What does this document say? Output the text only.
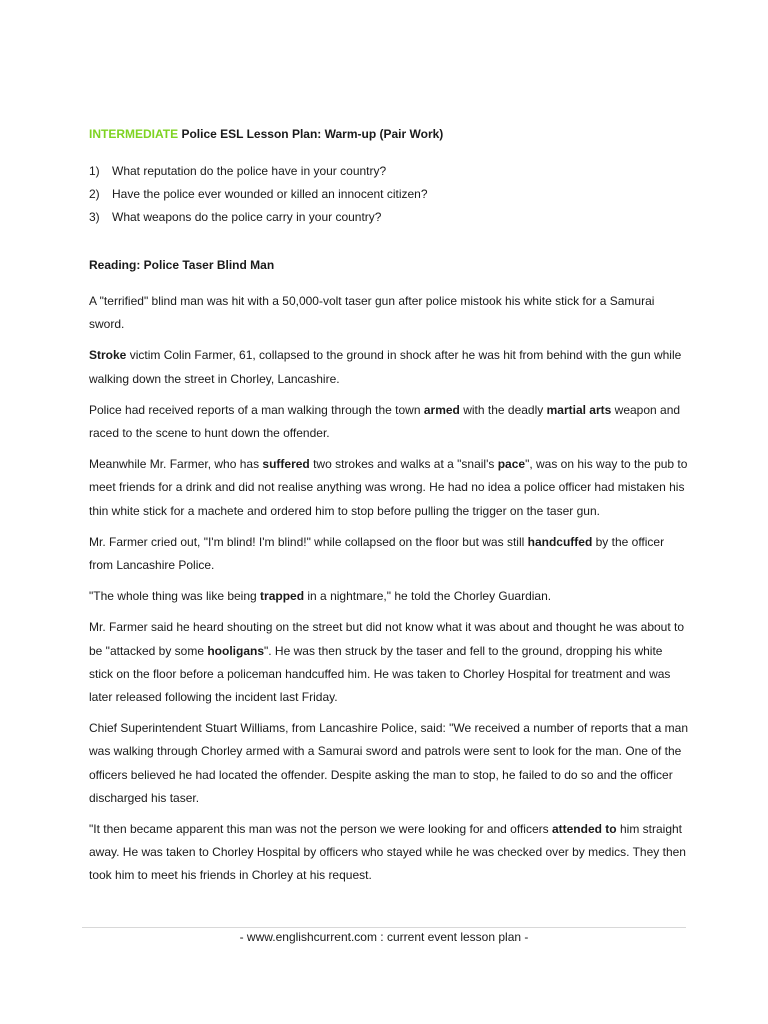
INTERMEDIATE Police ESL Lesson Plan: Warm-up (Pair Work)
1)	What reputation do the police have in your country?
2)	Have the police ever wounded or killed an innocent citizen?
3)	What weapons do the police carry in your country?
Reading: Police Taser Blind Man

A "terrified" blind man was hit with a 50,000-volt taser gun after police mistook his white stick for a Samurai sword.

Stroke victim Colin Farmer, 61, collapsed to the ground in shock after he was hit from behind with the gun while walking down the street in Chorley, Lancashire.

Police had received reports of a man walking through the town armed with the deadly martial arts weapon and raced to the scene to hunt down the offender.

Meanwhile Mr. Farmer, who has suffered two strokes and walks at a "snail's pace", was on his way to the pub to meet friends for a drink and did not realise anything was wrong. He had no idea a police officer had mistaken his thin white stick for a machete and ordered him to stop before pulling the trigger on the taser gun.

Mr. Farmer cried out, "I'm blind! I'm blind!" while collapsed on the floor but was still handcuffed by the officer from Lancashire Police.

"The whole thing was like being trapped in a nightmare," he told the Chorley Guardian.

Mr. Farmer said he heard shouting on the street but did not know what it was about and thought he was about to be "attacked by some hooligans". He was then struck by the taser and fell to the ground, dropping his white stick on the floor before a policeman handcuffed him. He was taken to Chorley Hospital for treatment and was later released following the incident last Friday.

Chief Superintendent Stuart Williams, from Lancashire Police, said: "We received a number of reports that a man was walking through Chorley armed with a Samurai sword and patrols were sent to look for the man. One of the officers believed he had located the offender. Despite asking the man to stop, he failed to do so and the officer discharged his taser.

"It then became apparent this man was not the person we were looking for and officers attended to him straight away. He was taken to Chorley Hospital by officers who stayed while he was checked over by medics. They then took him to meet his friends in Chorley at his request.

- www.englishcurrent.com : current event lesson plan -
